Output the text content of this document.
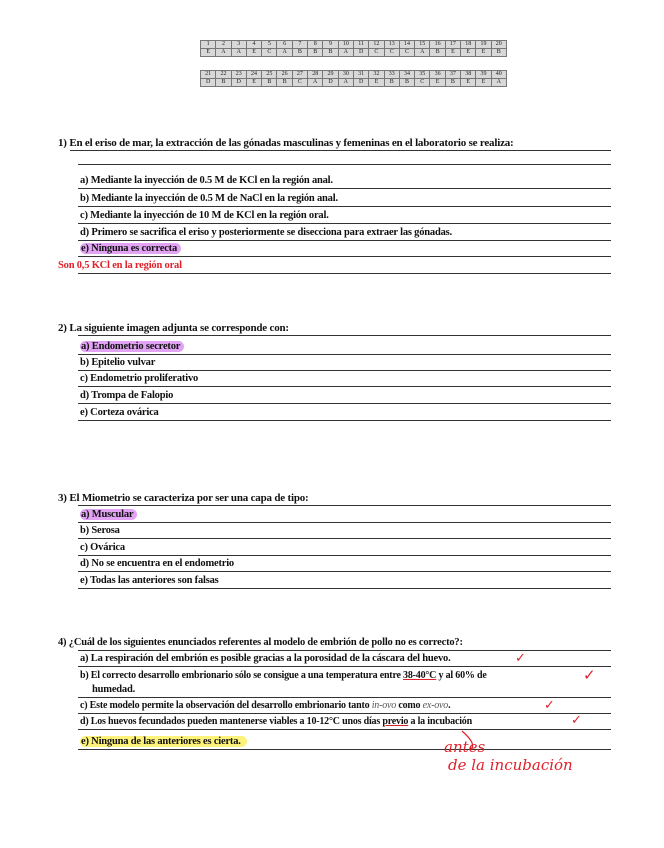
1	2	3	4	5	6	7	8	9	10	11	12	13	14	15	16	17	18	19	20
E	A	A	E	C	A	B	B	B	A	D	C	C	C	A	B	E	E	E	B
21	22	23	24	25	26	27	28	29	30	31	32	33	34	35	36	37	38	39	40
D	B	D	E	B	B	C	A	D	A	D	E	B	B	C	E	B	E	E	A
1) En el eriso de mar, la extracción de las gónadas masculinas y femeninas en el laboratorio se realiza:
a) Mediante la inyección de 0.5 M de KCl en la región anal.
b) Mediante la inyección de 0.5 M de NaCl en la región anal.
c) Mediante la inyección de 10 M de KCl en la región oral.
d) Primero se sacrifica el eriso y posteriormente se disecciona para extraer las gónadas.
e) Ninguna es correcta
Son 0,5 KCl en la región oral
2) La siguiente imagen adjunta se corresponde con:
a) Endometrio secretor
b) Epitelio vulvar
c) Endometrio proliferativo
d) Trompa de Falopio
e) Corteza ovárica
3) El Miometrio se caracteriza por ser una capa de tipo:
a) Muscular
b) Serosa
c) Ovárica
d) No se encuentra en el endometrio
e) Todas las anteriores son falsas
4) ¿Cuál de los siguientes enunciados referentes al modelo de embrión de pollo no es correcto?:
a) La respiración del embrión es posible gracias a la porosidad de la cáscara del huevo.	✓
b) El correcto desarrollo embrionario sólo se consigue a una temperatura entre 38-40°C y al 60% de	✓
humedad.
c) Este modelo permite la observación del desarrollo embrionario tanto in-ovo como ex-ovo.	✓
d) Los huevos fecundados pueden mantenerse viables a 10-12°C unos días previo a la incubación	✓
e) Ninguna de las anteriores es cierta.	antes
de la incubación
